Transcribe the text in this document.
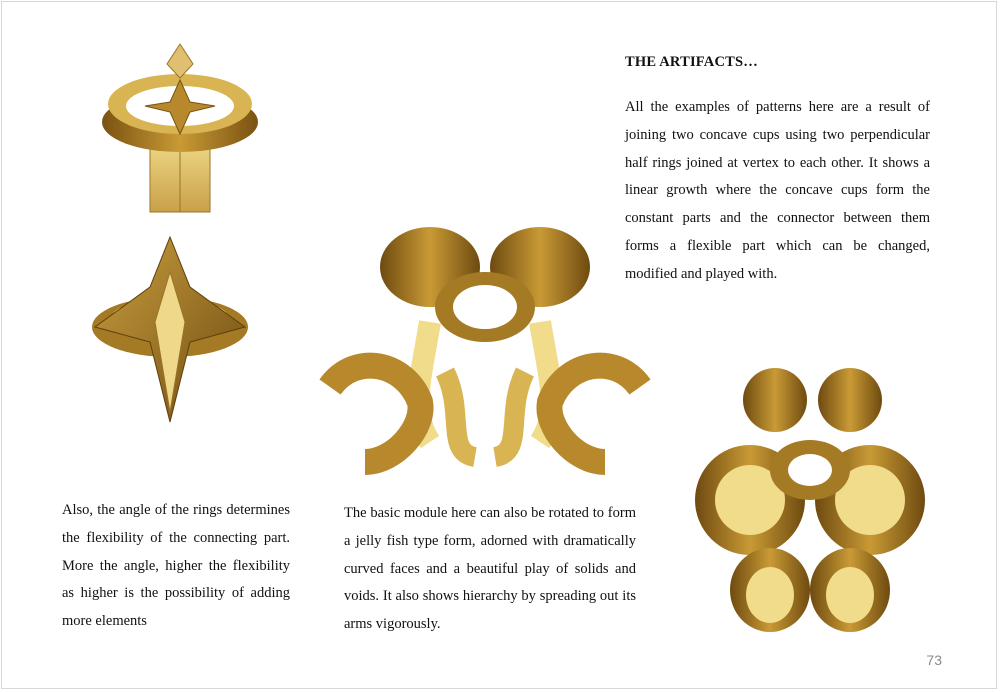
THE ARTIFACTS…

All the examples of patterns here are a result of joining two concave cups using two perpendicular half rings joined at vertex to each other. It shows a linear growth where the concave cups form the constant parts and the connector between them forms a flexible part which can be changed, modified and played with.

Also, the angle of the rings determines the flexibility of the connecting part. More the angle, higher the flexibility as higher is the possibility of adding more elements

The basic module here can also be rotated to form a jelly fish type form, adorned with dramatically curved faces and a beautiful play of solids and voids. It also shows hierarchy by spreading out its arms vigorously.

73
